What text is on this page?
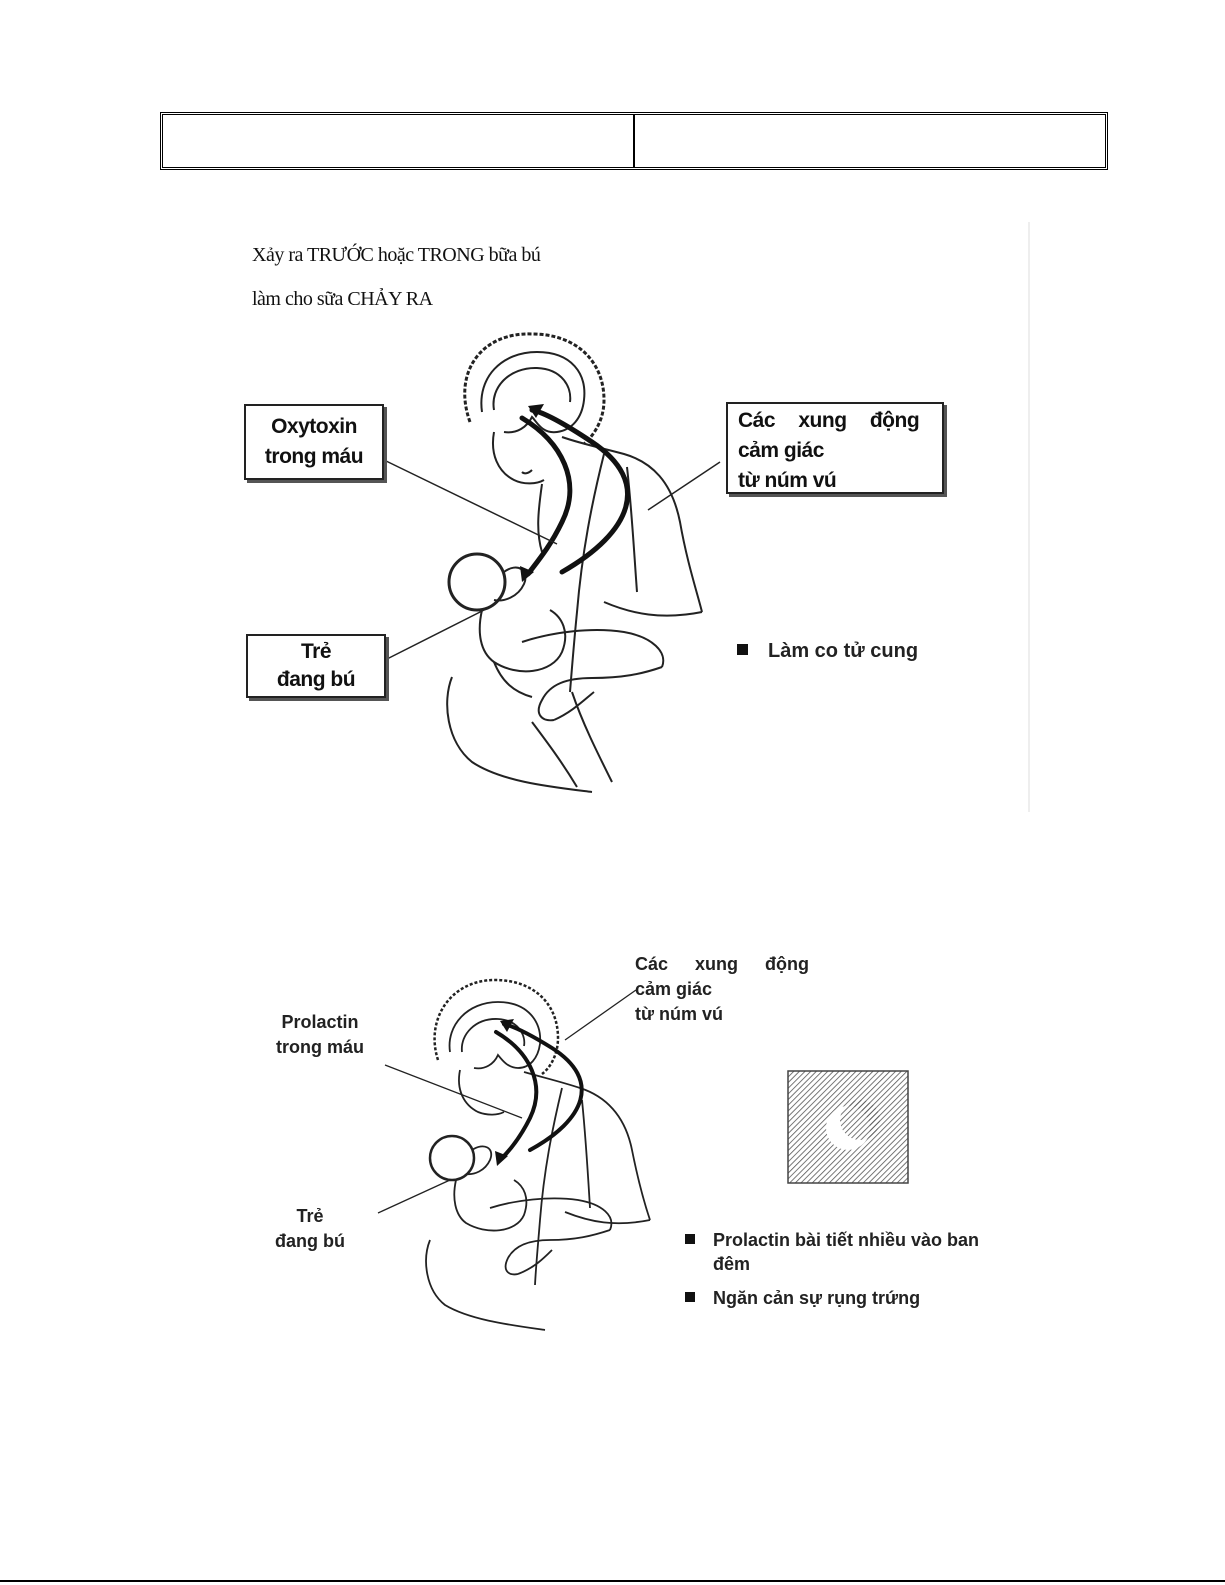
Xảy ra TRƯỚC hoặc TRONG bữa bú
làm cho sữa CHẢY RA
Oxytoxin
trong máu
Các xung động
cảm giác
từ núm vú
Trẻ
đang bú
Làm co tử cung
Các xung động
cảm giác
từ núm vú
Prolactin
trong máu
Trẻ
đang bú	Prolactin bài tiết nhiều vào ban đêm
Ngăn cản sự rụng trứng
